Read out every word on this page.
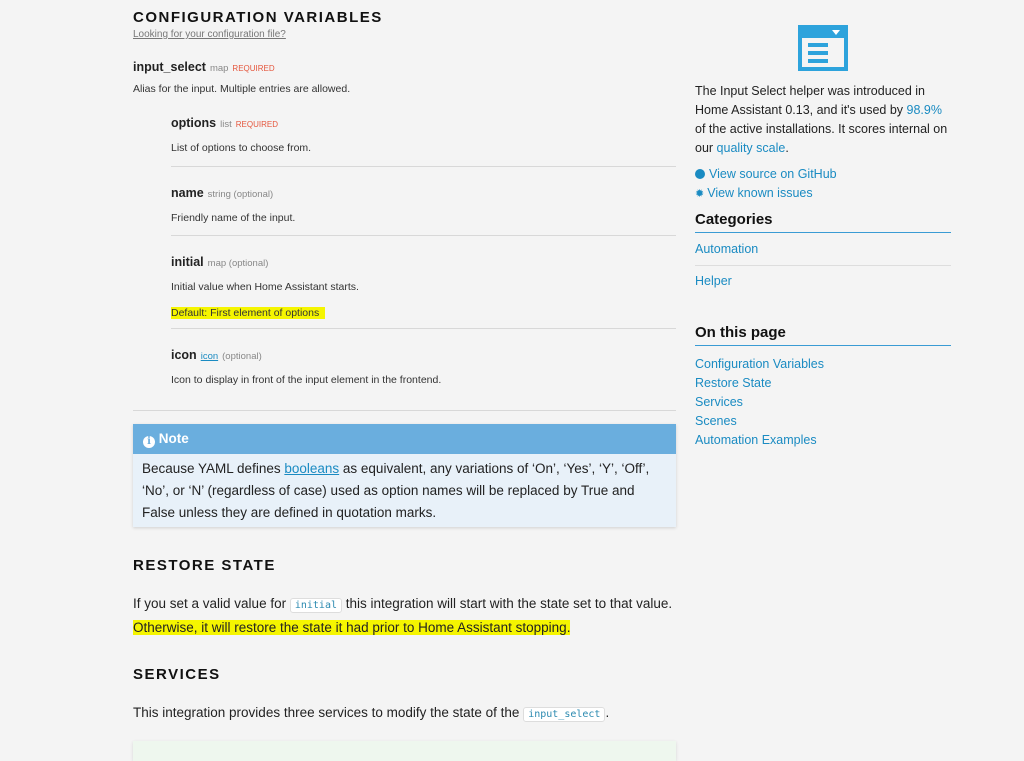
CONFIGURATION VARIABLES
Looking for your configuration file?
input_select map REQUIRED
Alias for the input. Multiple entries are allowed.
options list REQUIRED
List of options to choose from.
name string (optional)
Friendly name of the input.
initial map (optional)
Initial value when Home Assistant starts.
Default: First element of options
icon icon (optional)
Icon to display in front of the input element in the frontend.
i Note
Because YAML defines booleans as equivalent, any variations of ‘On’, ‘Yes’, ‘Y’, ‘Off’, ‘No’, or ‘N’ (regardless of case) used as option names will be replaced by True and False unless they are defined in quotation marks.
RESTORE STATE
If you set a valid value for initial this integration will start with the state set to that value. Otherwise, it will restore the state it had prior to Home Assistant stopping.
SERVICES
This integration provides three services to modify the state of the input_select .
The Input Select helper was introduced in Home Assistant 0.13, and it's used by 98.9% of the active installations. It scores internal on our quality scale.
View source on GitHub
✹ View known issues
Categories
Automation
Helper
On this page
Configuration Variables
Restore State
Services
Scenes
Automation Examples
